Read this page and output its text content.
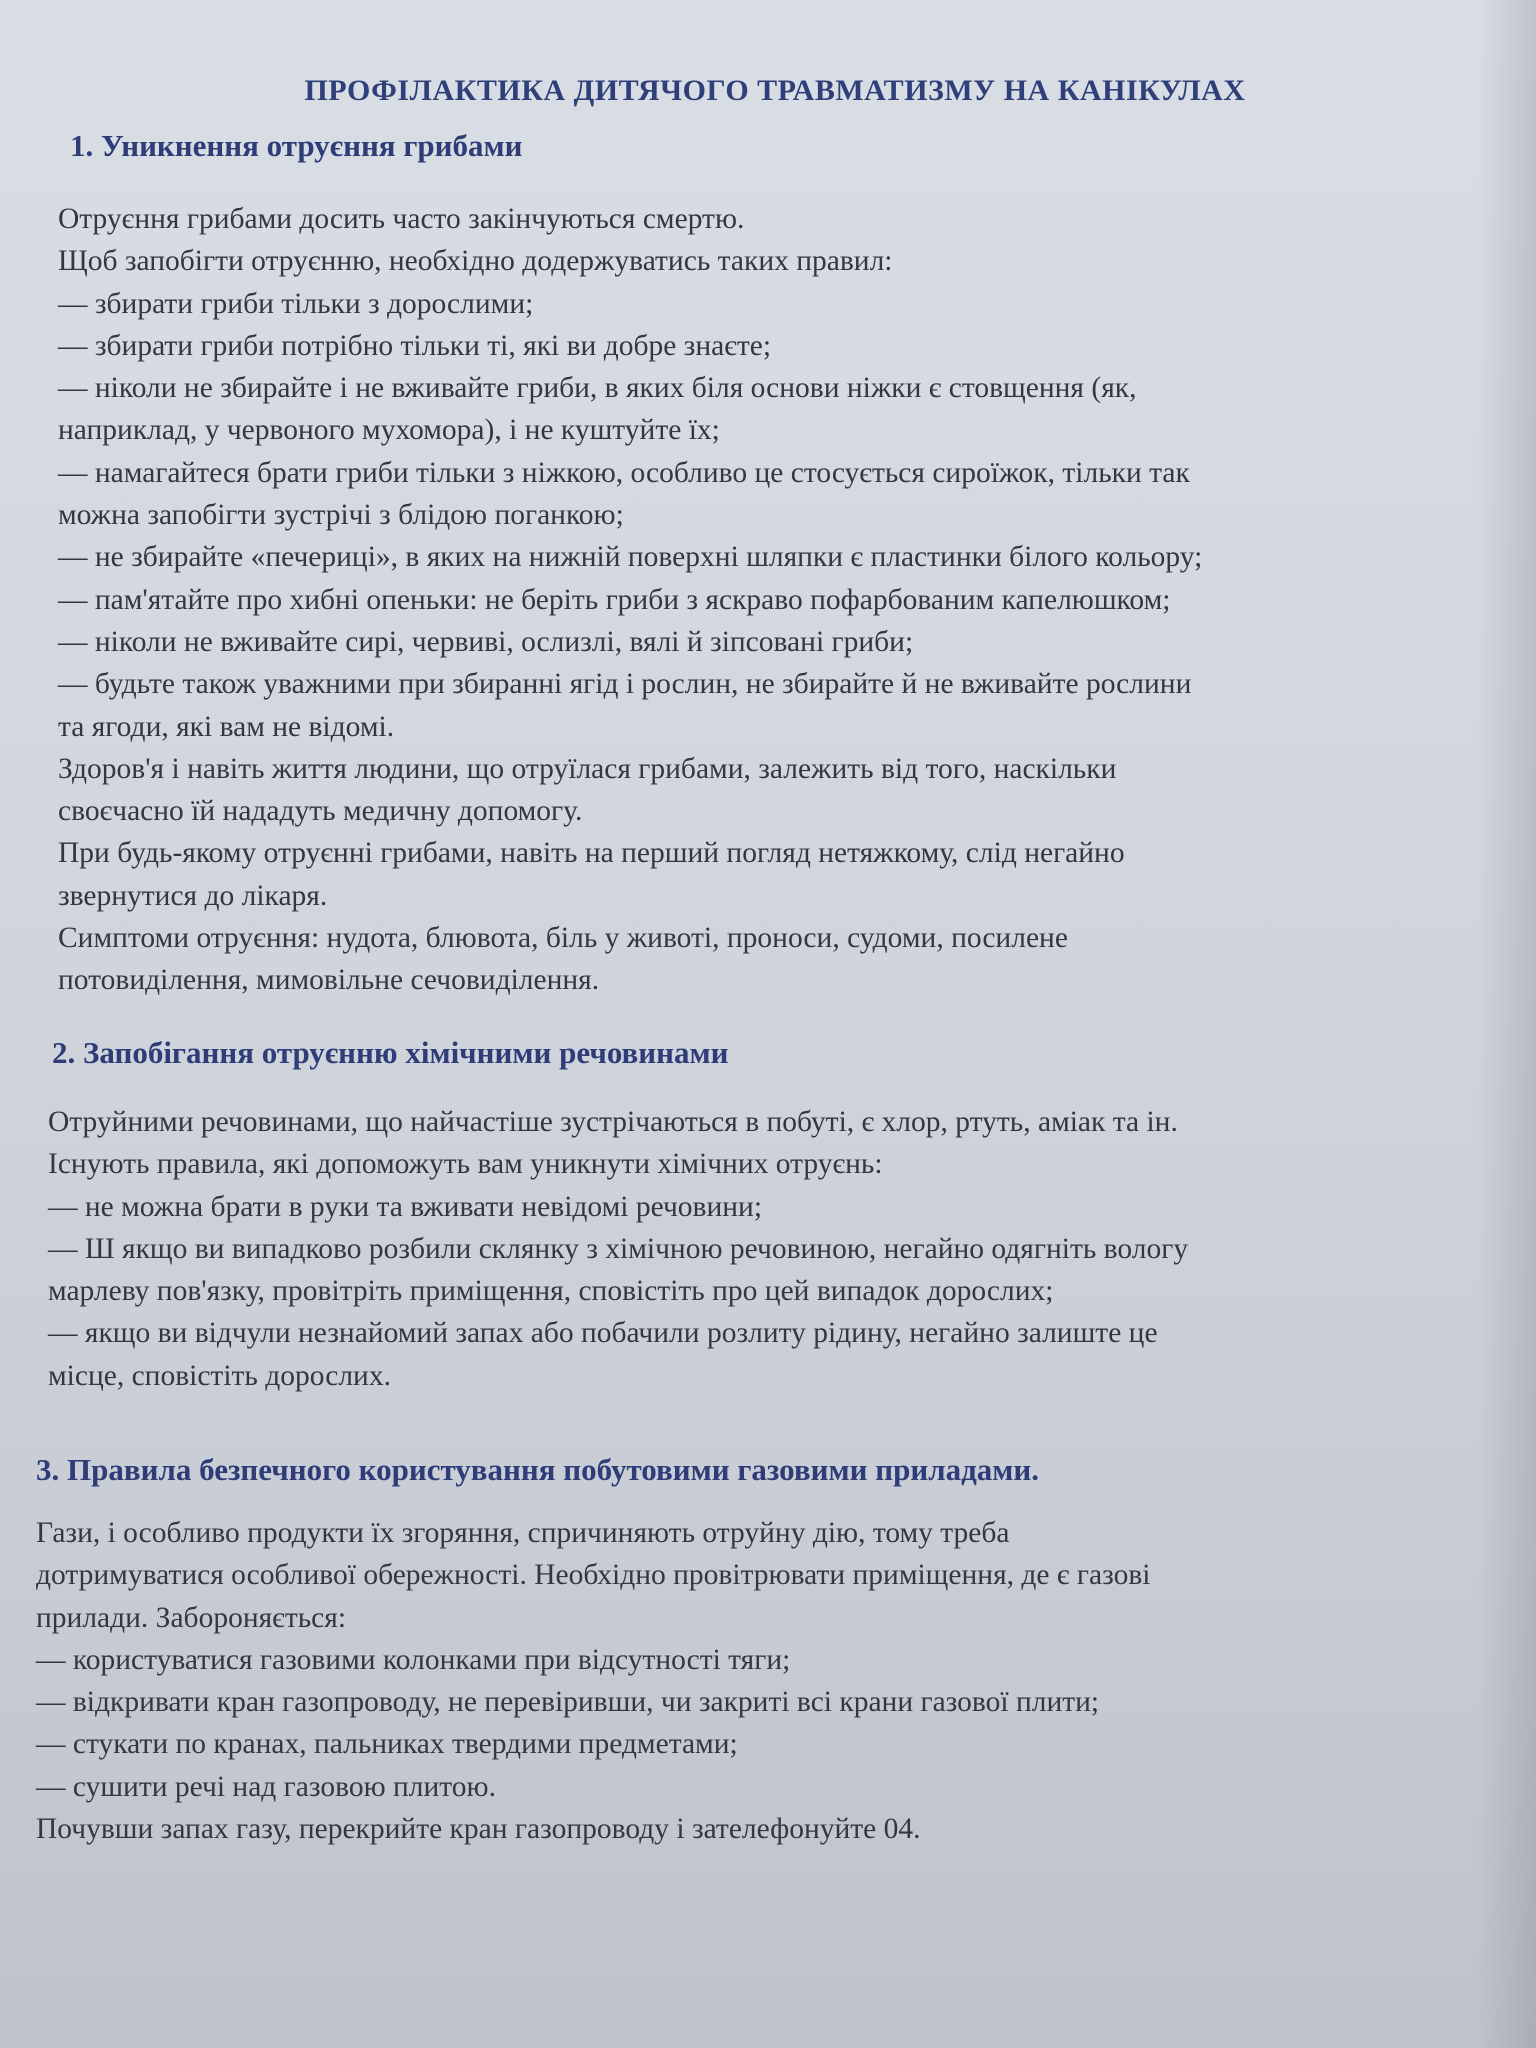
ПРОФІЛАКТИКА ДИТЯЧОГО ТРАВМАТИЗМУ НА КАНІКУЛАХ
1. Уникнення отруєння грибами

Отруєння грибами досить часто закінчуються смертю.
Щоб запобігти отруєнню, необхідно додержуватись таких правил:
— збирати гриби тільки з дорослими;
— збирати гриби потрібно тільки ті, які ви добре знаєте;
— ніколи не збирайте і не вживайте гриби, в яких біля основи ніжки є стовщення (як,
наприклад, у червоного мухомора), і не куштуйте їх;
— намагайтеся брати гриби тільки з ніжкою, особливо це стосується сироїжок, тільки так
можна запобігти зустрічі з блідою поганкою;
— не збирайте «печериці», в яких на нижній поверхні шляпки є пластинки білого кольору;
— пам'ятайте про хибні опеньки: не беріть гриби з яскраво пофарбованим капелюшком;
— ніколи не вживайте сирі, червиві, ослизлі, вялі й зіпсовані гриби;
— будьте також уважними при збиранні ягід і рослин, не збирайте й не вживайте рослини
та ягоди, які вам не відомі.
Здоров'я і навіть життя людини, що отруїлася грибами, залежить від того, наскільки
своєчасно їй нададуть медичну допомогу.
При будь-якому отруєнні грибами, навіть на перший погляд нетяжкому, слід негайно
звернутися до лікаря.
Симптоми отруєння: нудота, блювота, біль у животі, проноси, судоми, посилене
потовиділення, мимовільне сечовиділення.

2. Запобігання отруєнню хімічними речовинами

Отруйними речовинами, що найчастіше зустрічаються в побуті, є хлор, ртуть, аміак та ін.
Існують правила, які допоможуть вам уникнути хімічних отруєнь:
— не можна брати в руки та вживати невідомі речовини;
— Ш якщо ви випадково розбили склянку з хімічною речовиною, негайно одягніть вологу
марлеву пов'язку, провітріть приміщення, сповістіть про цей випадок дорослих;
— якщо ви відчули незнайомий запах або побачили розлиту рідину, негайно залиште це
місце, сповістіть дорослих.

3. Правила безпечного користування побутовими газовими приладами.

Гази, і особливо продукти їх згоряння, спричиняють отруйну дію, тому треба
дотримуватися особливої обережності. Необхідно провітрювати приміщення, де є газові
прилади. Забороняється:
— користуватися газовими колонками при відсутності тяги;
— відкривати кран газопроводу, не перевіривши, чи закриті всі крани газової плити;
— стукати по кранах, пальниках твердими предметами;
— сушити речі над газовою плитою.
Почувши запах газу, перекрийте кран газопроводу і зателефонуйте 04.
